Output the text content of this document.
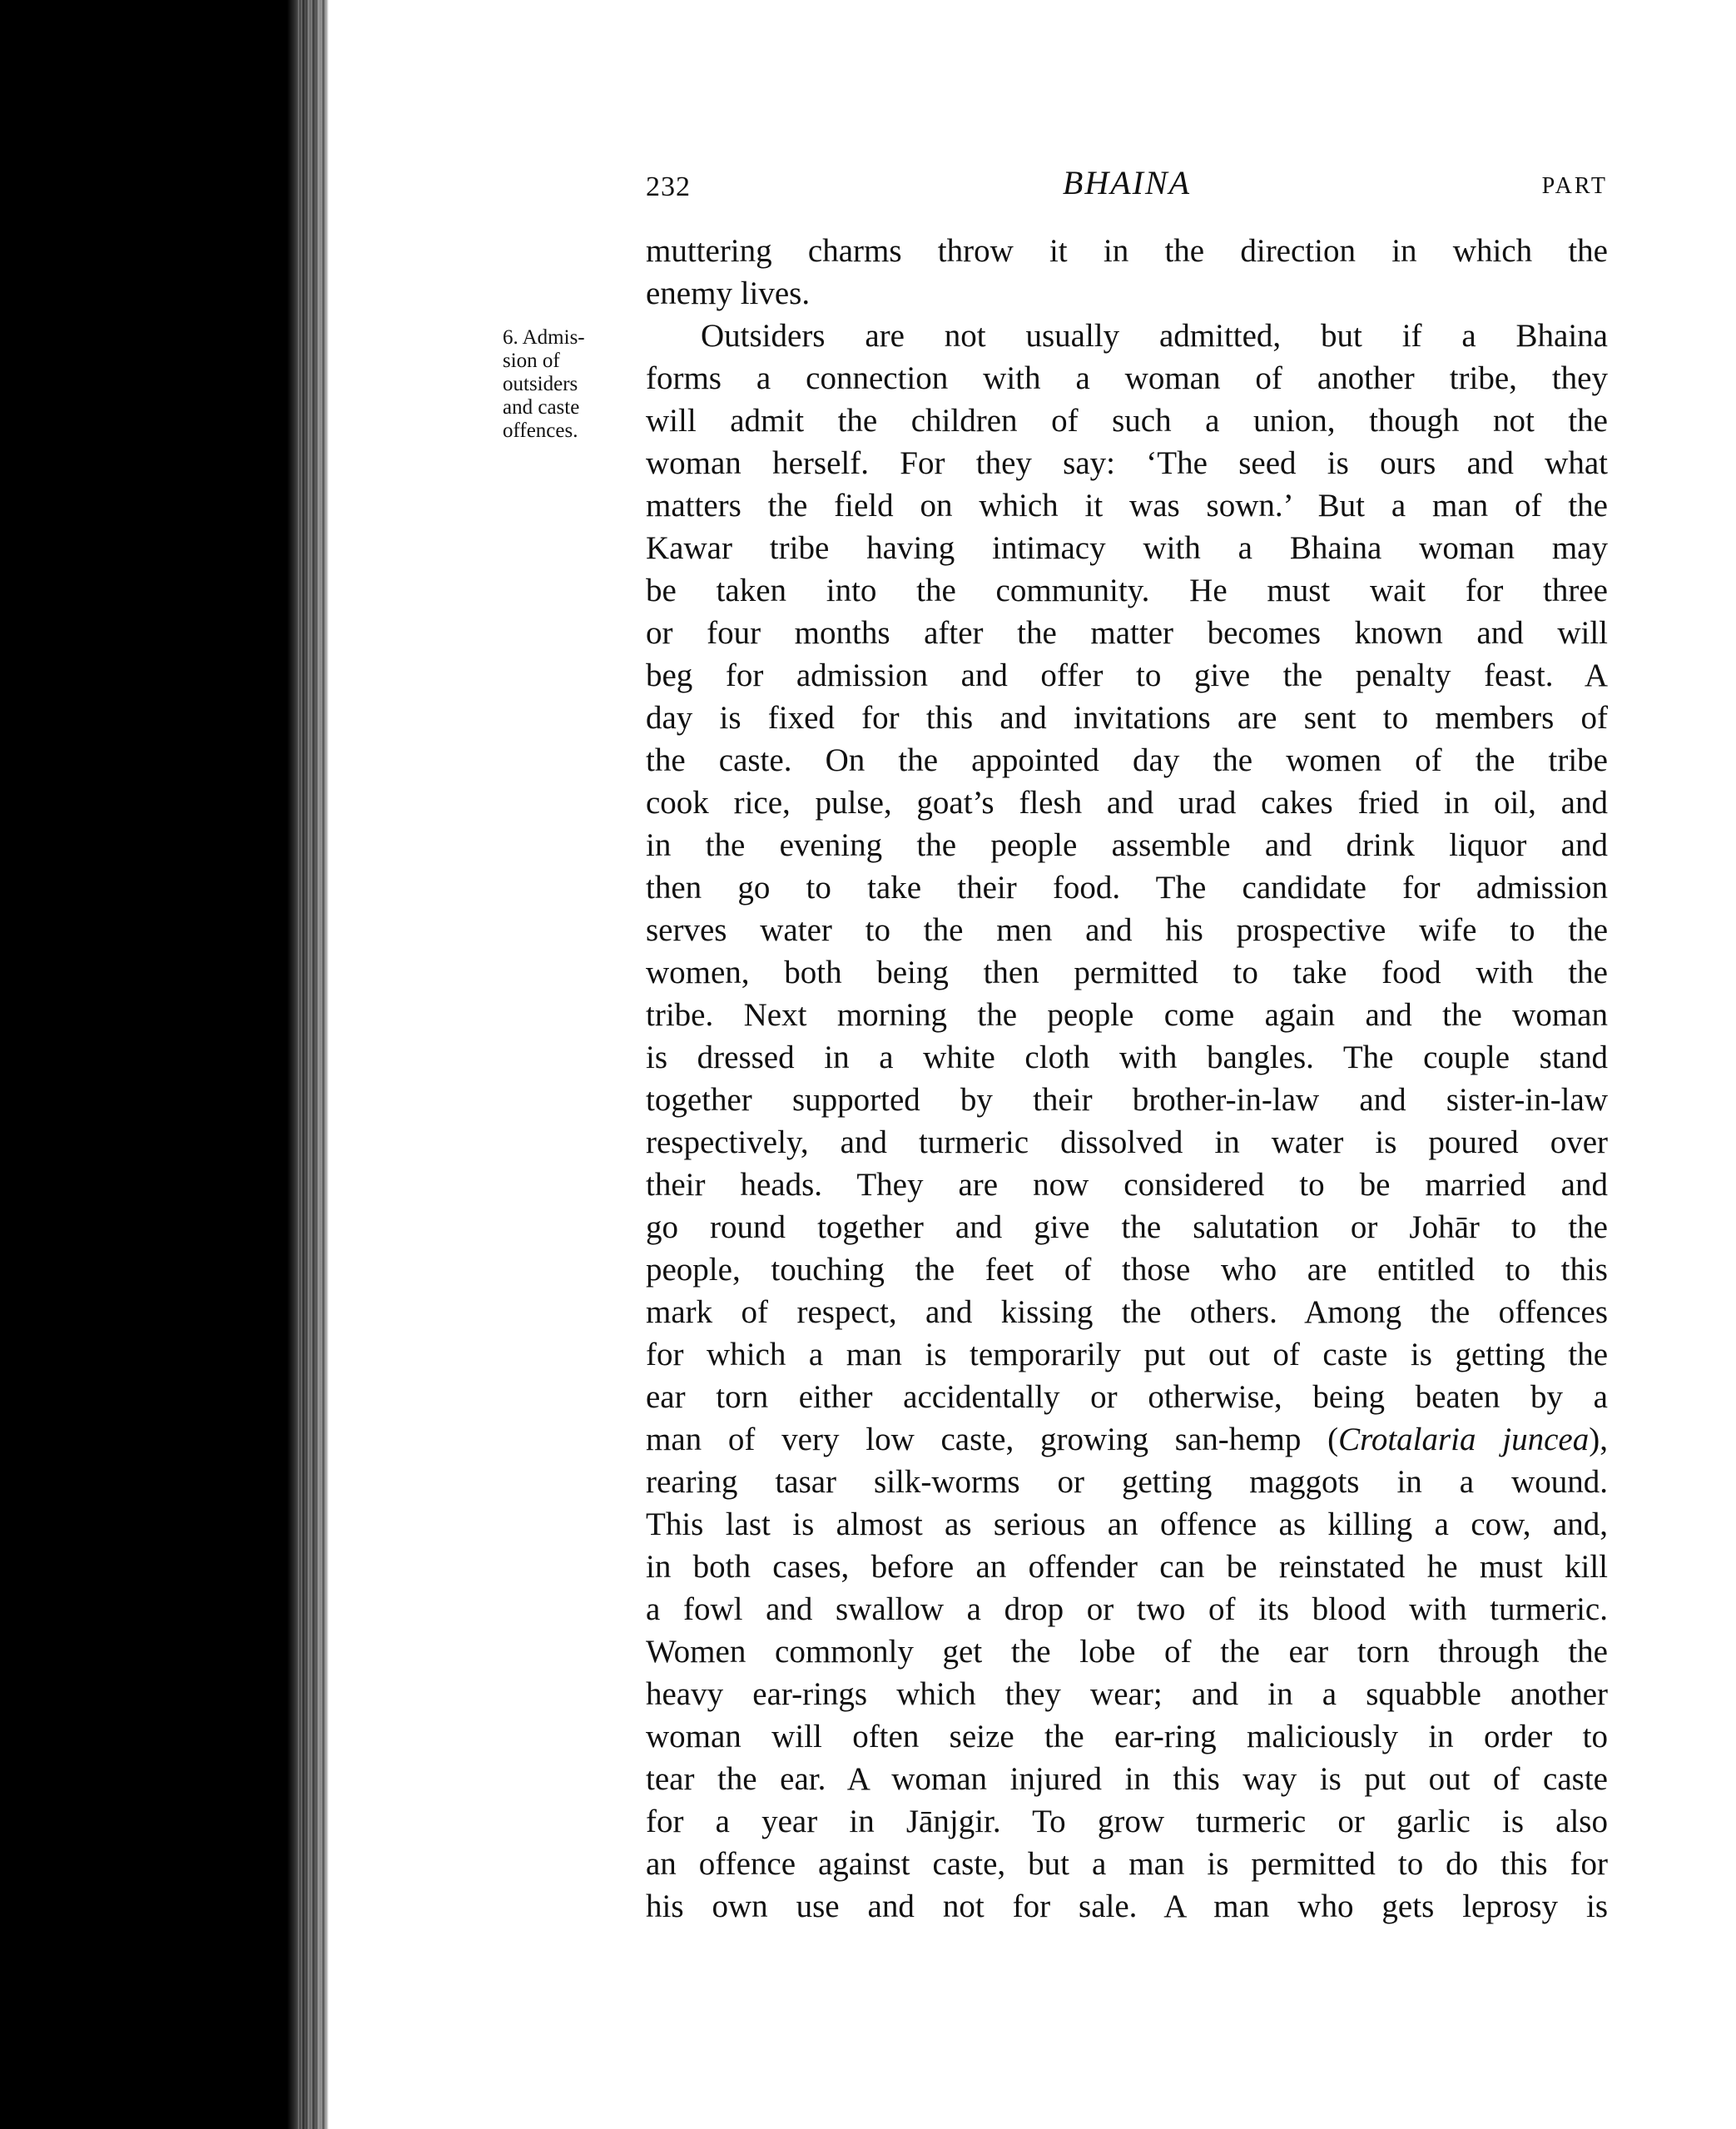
232	BHAINA	PART
6. Admis-
sion of
outsiders
and caste
offences.
muttering charms throw it in the direction in which the
enemy lives.
Outsiders are not usually admitted, but if a Bhaina
forms a connection with a woman of another tribe, they
will admit the children of such a union, though not the
woman herself. For they say: ‘The seed is ours and what
matters the field on which it was sown.’ But a man of the
Kawar tribe having intimacy with a Bhaina woman may
be taken into the community. He must wait for three
or four months after the matter becomes known and will
beg for admission and offer to give the penalty feast. A
day is fixed for this and invitations are sent to members of
the caste. On the appointed day the women of the tribe
cook rice, pulse, goat’s flesh and urad cakes fried in oil, and
in the evening the people assemble and drink liquor and
then go to take their food. The candidate for admission
serves water to the men and his prospective wife to the
women, both being then permitted to take food with the
tribe. Next morning the people come again and the woman
is dressed in a white cloth with bangles. The couple stand
together supported by their brother-in-law and sister-in-law
respectively, and turmeric dissolved in water is poured over
their heads. They are now considered to be married and
go round together and give the salutation or Johār to the
people, touching the feet of those who are entitled to this
mark of respect, and kissing the others. Among the offences
for which a man is temporarily put out of caste is getting the
ear torn either accidentally or otherwise, being beaten by a
man of very low caste, growing san-hemp (Crotalaria juncea),
rearing tasar silk-worms or getting maggots in a wound.
This last is almost as serious an offence as killing a cow, and,
in both cases, before an offender can be reinstated he must kill
a fowl and swallow a drop or two of its blood with turmeric.
Women commonly get the lobe of the ear torn through the
heavy ear-rings which they wear; and in a squabble another
woman will often seize the ear-ring maliciously in order to
tear the ear. A woman injured in this way is put out of caste
for a year in Jānjgir. To grow turmeric or garlic is also
an offence against caste, but a man is permitted to do this for
his own use and not for sale. A man who gets leprosy is
